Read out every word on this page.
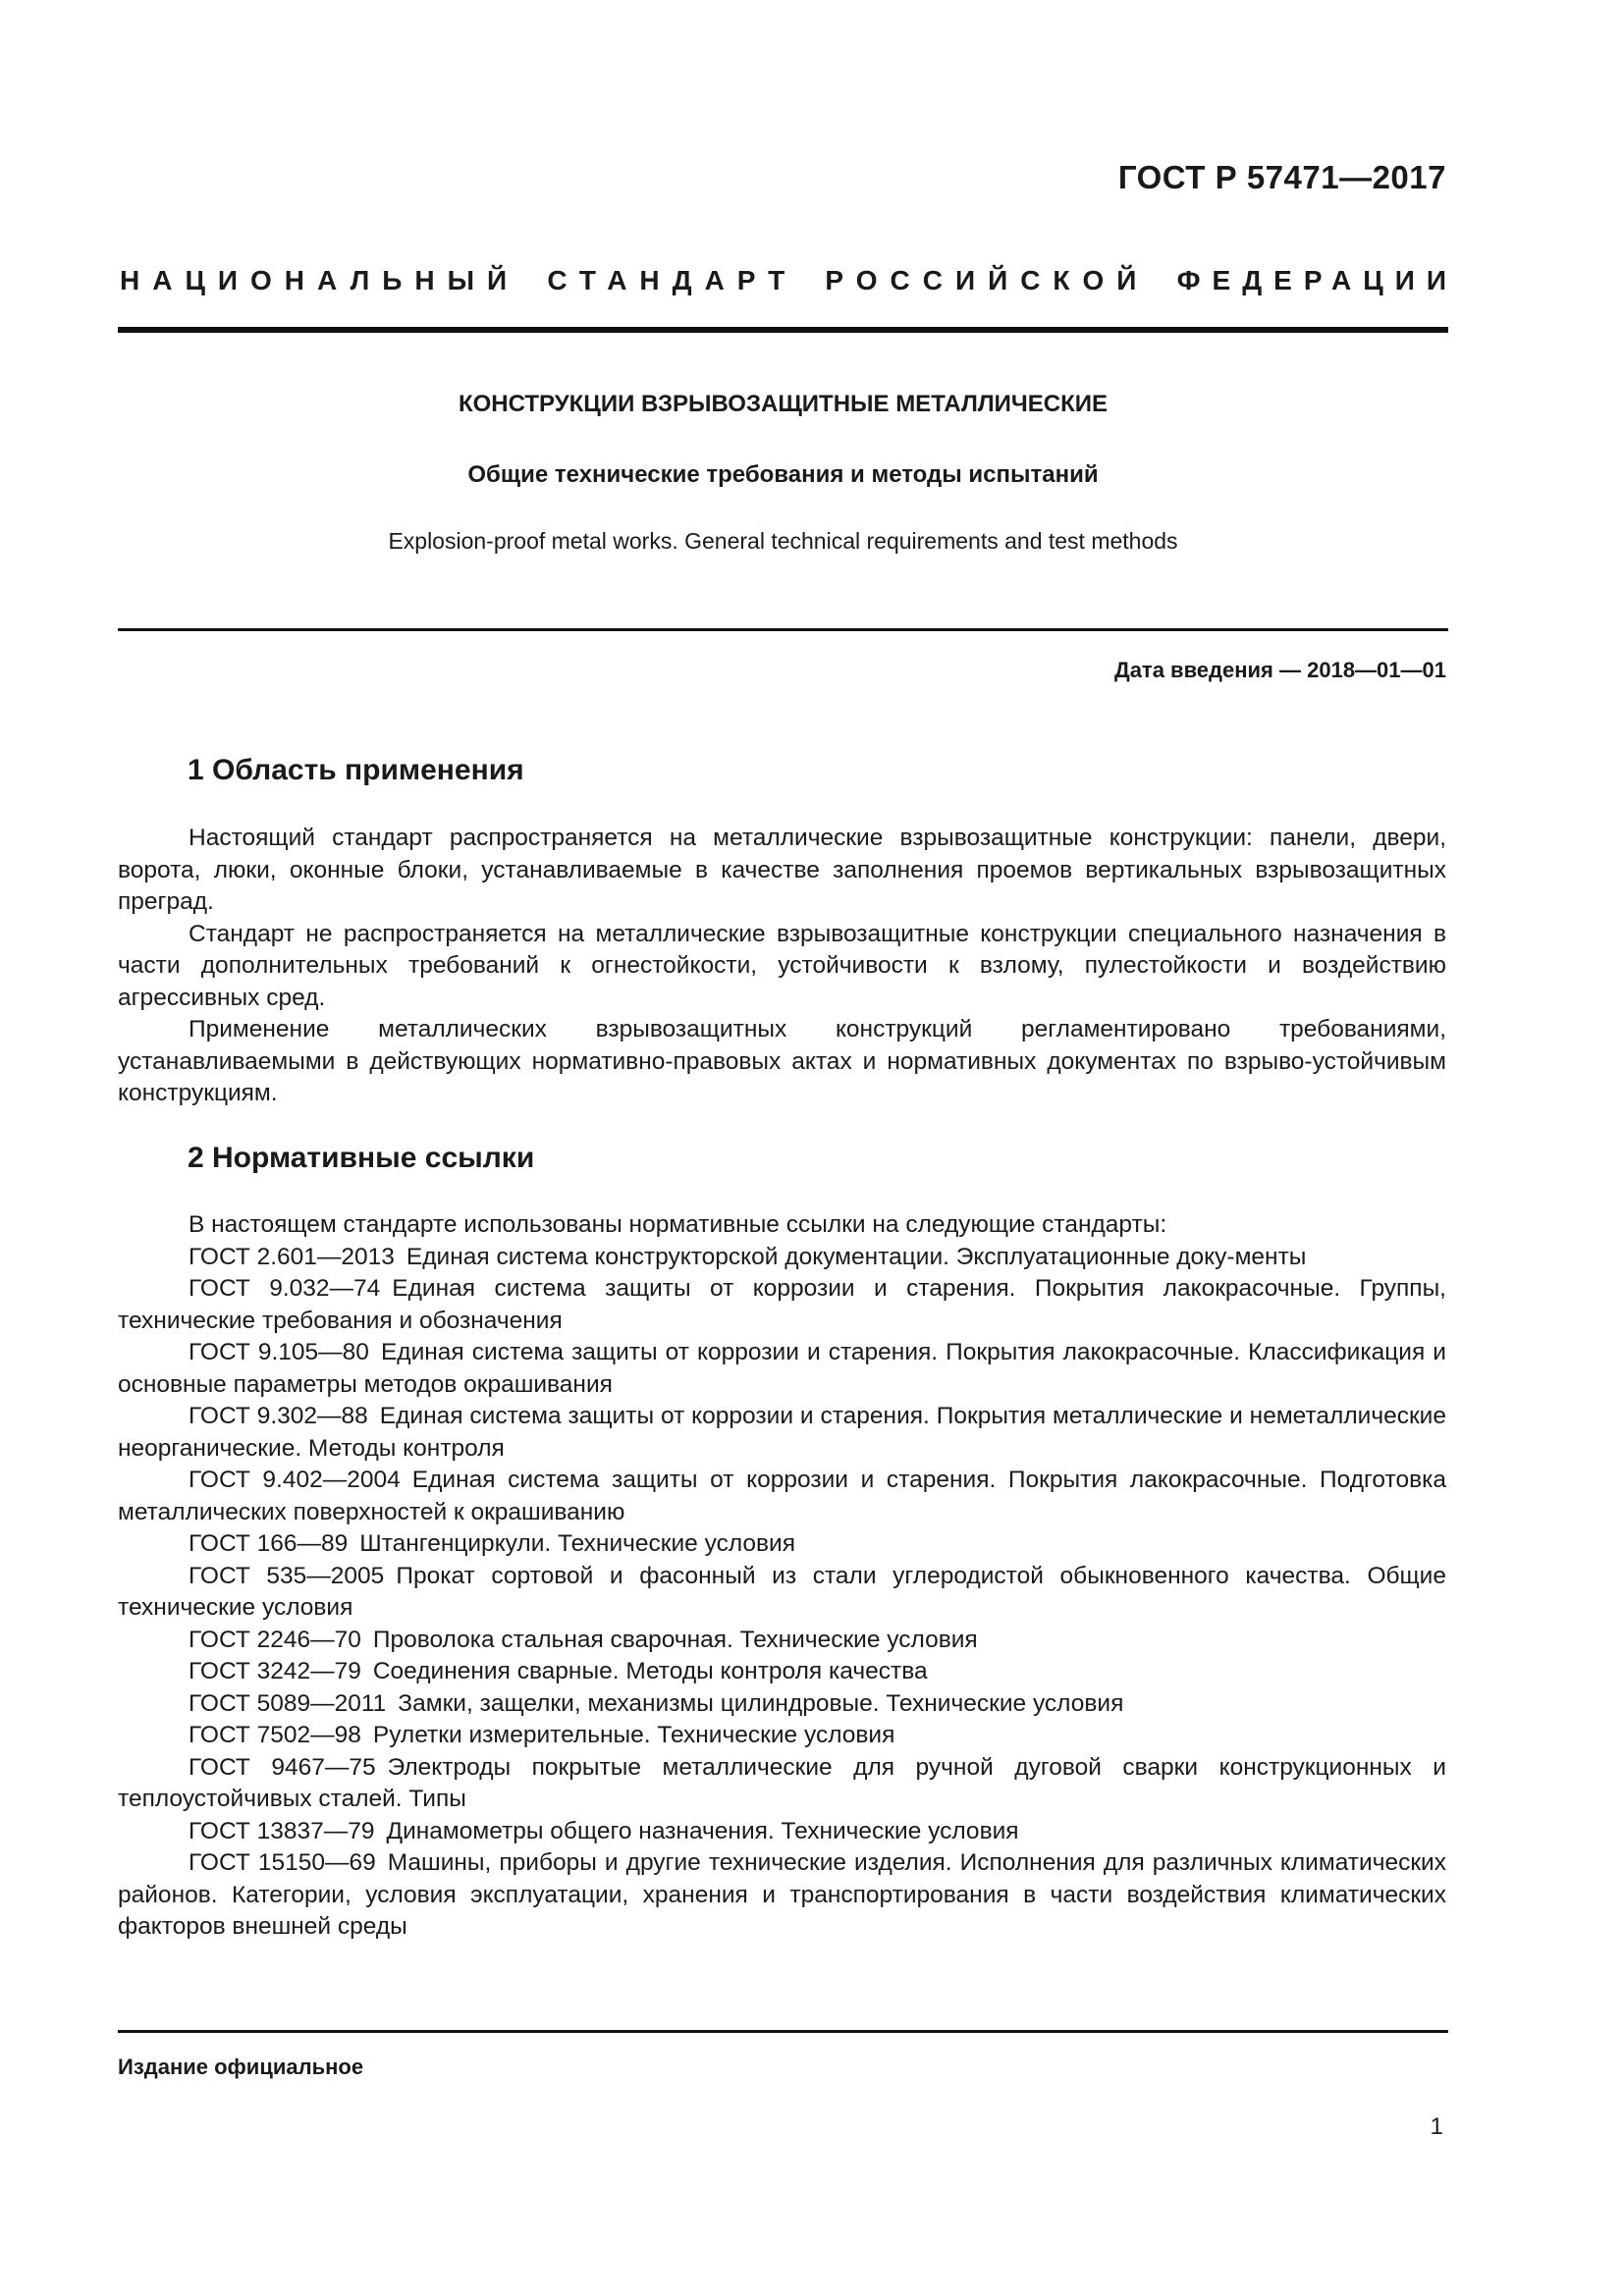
ГОСТ Р 57471—2017
НАЦИОНАЛЬНЫЙ СТАНДАРТ РОССИЙСКОЙ ФЕДЕРАЦИИ
КОНСТРУКЦИИ ВЗРЫВОЗАЩИТНЫЕ МЕТАЛЛИЧЕСКИЕ
Общие технические требования и методы испытаний
Explosion-proof metal works. General technical requirements and test methods
Дата введения — 2018—01—01
1 Область применения

Настоящий стандарт распространяется на металлические взрывозащитные конструкции: панели, двери, ворота, люки, оконные блоки, устанавливаемые в качестве заполнения проемов вертикальных взрывозащитных преград.

Стандарт не распространяется на металлические взрывозащитные конструкции специального назначения в части дополнительных требований к огнестойкости, устойчивости к взлому, пулестойкости и воздействию агрессивных сред.

Применение металлических взрывозащитных конструкций регламентировано требованиями, устанавливаемыми в действующих нормативно-правовых актах и нормативных документах по взрыво-устойчивым конструкциям.

2 Нормативные ссылки

В настоящем стандарте использованы нормативные ссылки на следующие стандарты:

ГОСТ 2.601—2013 Единая система конструкторской документации. Эксплуатационные доку-менты

ГОСТ 9.032—74 Единая система защиты от коррозии и старения. Покрытия лакокрасочные. Группы, технические требования и обозначения

ГОСТ 9.105—80 Единая система защиты от коррозии и старения. Покрытия лакокрасочные. Классификация и основные параметры методов окрашивания

ГОСТ 9.302—88 Единая система защиты от коррозии и старения. Покрытия металлические и неметаллические неорганические. Методы контроля

ГОСТ 9.402—2004 Единая система защиты от коррозии и старения. Покрытия лакокрасочные. Подготовка металлических поверхностей к окрашиванию

ГОСТ 166—89 Штангенциркули. Технические условия

ГОСТ 535—2005 Прокат сортовой и фасонный из стали углеродистой обыкновенного качества. Общие технические условия

ГОСТ 2246—70 Проволока стальная сварочная. Технические условия

ГОСТ 3242—79 Соединения сварные. Методы контроля качества

ГОСТ 5089—2011 Замки, защелки, механизмы цилиндровые. Технические условия

ГОСТ 7502—98 Рулетки измерительные. Технические условия

ГОСТ 9467—75 Электроды покрытые металлические для ручной дуговой сварки конструкционных и теплоустойчивых сталей. Типы

ГОСТ 13837—79 Динамометры общего назначения. Технические условия

ГОСТ 15150—69 Машины, приборы и другие технические изделия. Исполнения для различных климатических районов. Категории, условия эксплуатации, хранения и транспортирования в части воздействия климатических факторов внешней среды

Издание официальное
1
